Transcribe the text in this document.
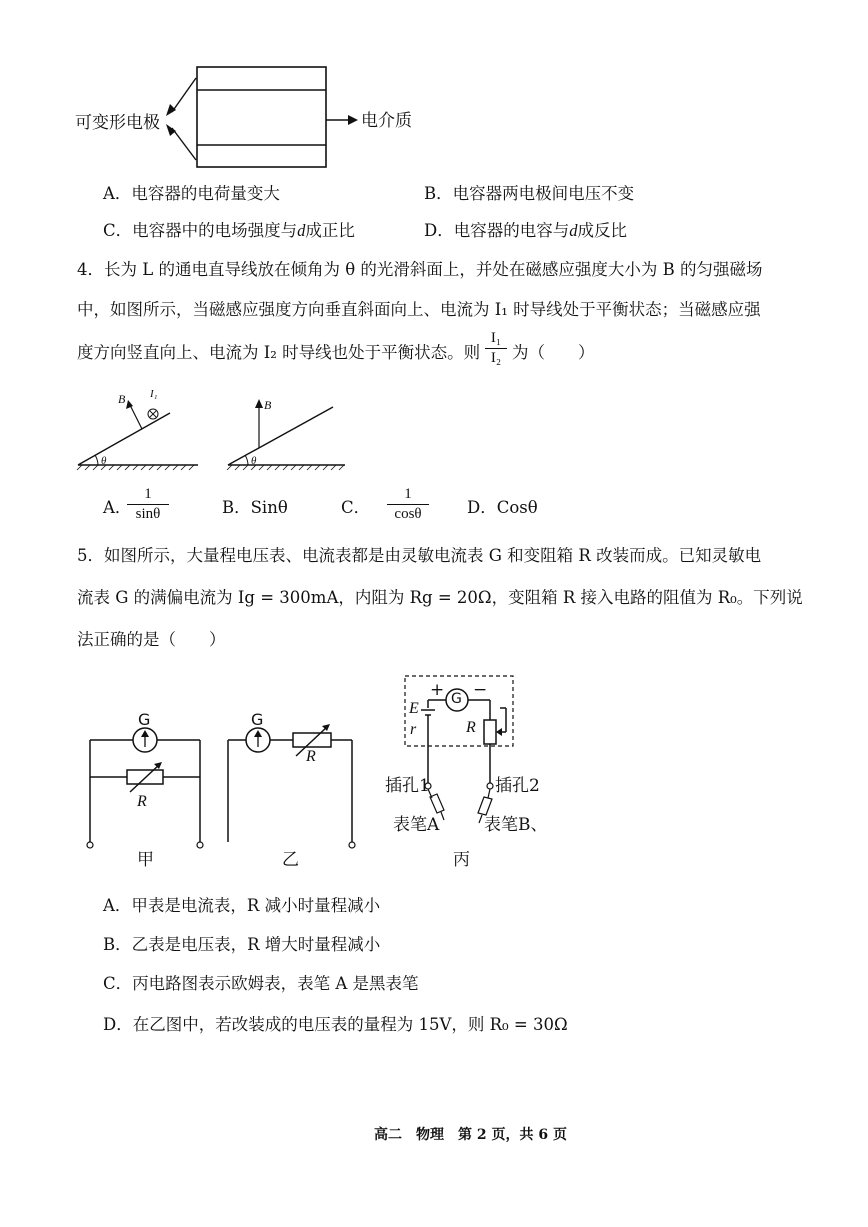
可变形电极	电介质
A．电容器的电荷量变大	B．电容器两电极间电压不变
C．电容器中的电场强度与d成正比	D．电容器的电容与d成反比
4．长为 L 的通电直导线放在倾角为 θ 的光滑斜面上，并处在磁感应强度大小为 B 的匀强磁场
中，如图所示，当磁感应强度方向垂直斜面向上、电流为 I₁ 时导线处于平衡状态；当磁感应强
度方向竖直向上、电流为 I₂ 时导线也处于平衡状态。则
I₁
I₂ 为（　　）
B I₁
θ
B
θ
A．
1
sinθ	B．Sinθ	C．
1
cosθ	D．Cosθ
5．如图所示，大量程电压表、电流表都是由灵敏电流表 G 和变阻箱 R 改装而成。已知灵敏电
流表 G 的满偏电流为 Ig = 300mA，内阻为 Rg = 20Ω，变阻箱 R 接入电路的阻值为 R₀。下列说
法正确的是（　　）
G
R
G
R
+ G −
E
r	R
插孔1	插孔2
表笔A	表笔B、
甲	乙	丙
A．甲表是电流表，R 减小时量程减小
B．乙表是电压表，R 增大时量程减小
C．丙电路图表示欧姆表，表笔 A 是黑表笔
D．在乙图中，若改装成的电压表的量程为 15V，则 R₀ = 30Ω
高二　物理　第 2 页，共 6 页
